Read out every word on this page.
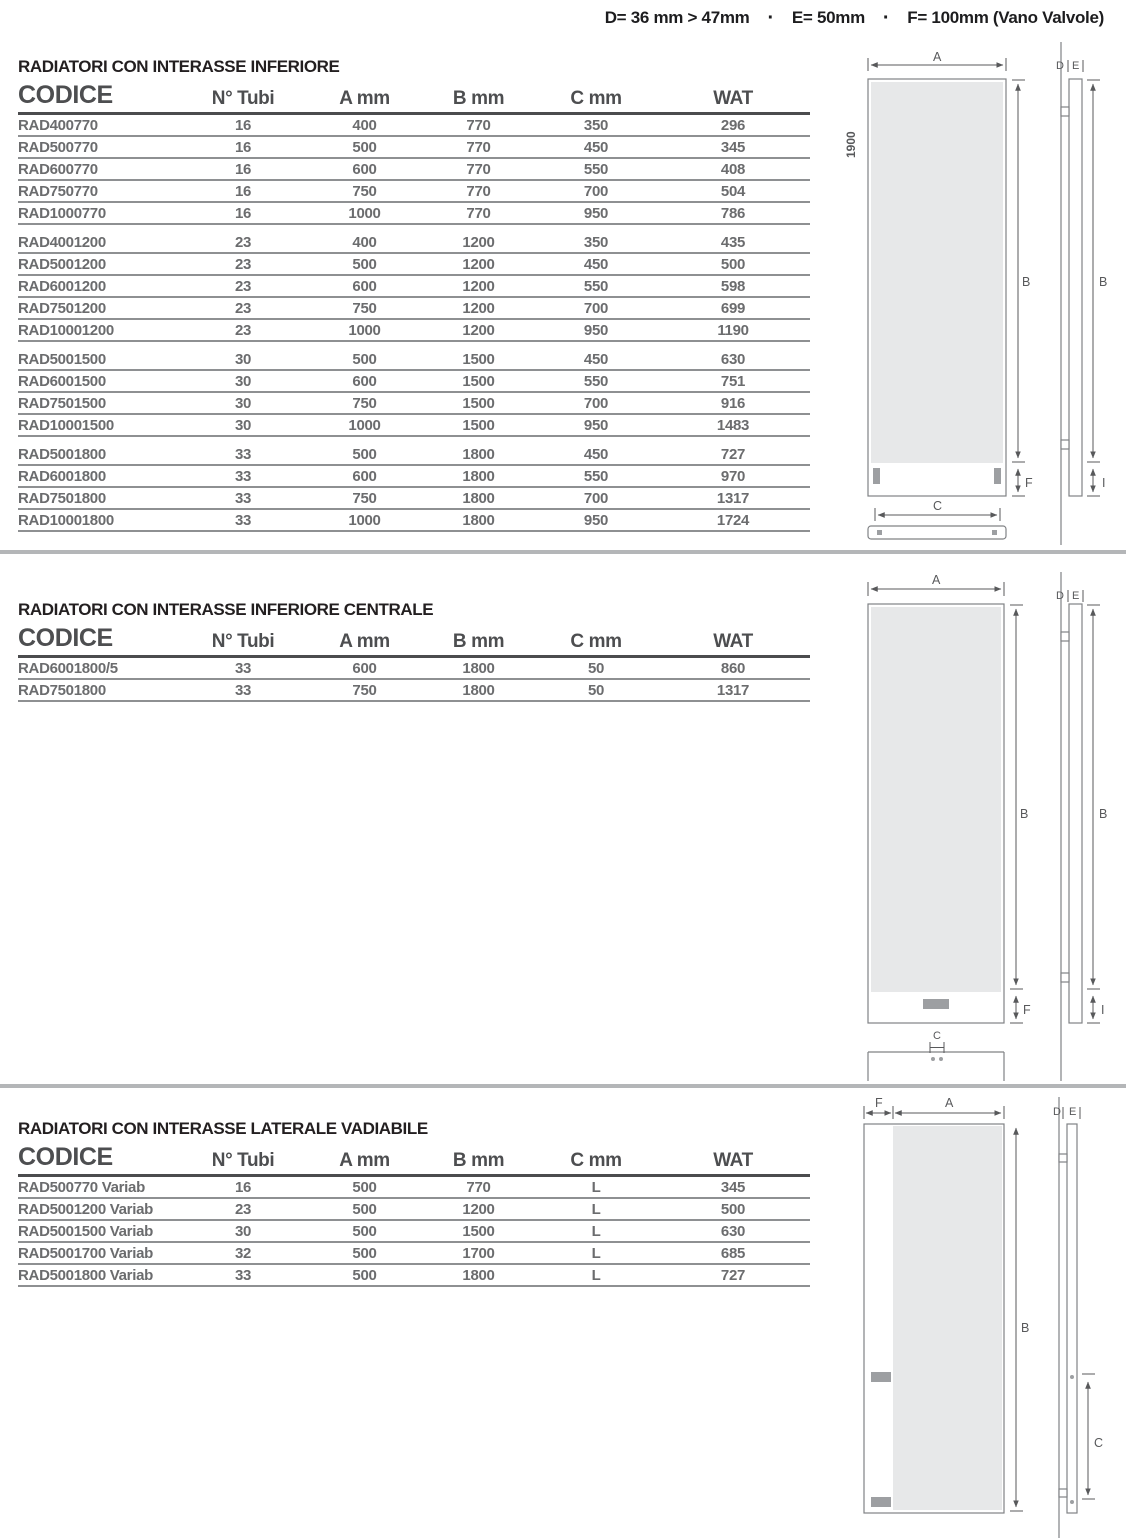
D= 36 mm > 47mm · E= 50mm · F= 100mm (Vano Valvole)
RADIATORI CON INTERASSE INFERIORE
CODICE	N° Tubi	A mm	B mm	C mm	WAT
RAD400770	16	400	770	350	296
RAD500770	16	500	770	450	345
RAD600770	16	600	770	550	408
RAD750770	16	750	770	700	504
RAD1000770	16	1000	770	950	786
RAD4001200	23	400	1200	350	435
RAD5001200	23	500	1200	450	500
RAD6001200	23	600	1200	550	598
RAD7501200	23	750	1200	700	699
RAD10001200	23	1000	1200	950	1190
RAD5001500	30	500	1500	450	630
RAD6001500	30	600	1500	550	751
RAD7501500	30	750	1500	700	916
RAD10001500	30	1000	1500	950	1483
RAD5001800	33	500	1800	450	727
RAD6001800	33	600	1800	550	970
RAD7501800	33	750	1800	700	1317
RAD10001800	33	1000	1800	950	1724
RADIATORI CON INTERASSE INFERIORE CENTRALE
CODICE	N° Tubi	A mm	B mm	C mm	WAT
RAD6001800/5	33	600	1800	50	860
RAD7501800	33	750	1800	50	1317
RADIATORI CON INTERASSE LATERALE VADIABILE
CODICE	N° Tubi	A mm	B mm	C mm	WAT
RAD500770 Variab	16	500	770	L	345
RAD5001200 Variab	23	500	1200	L	500
RAD5001500 Variab	30	500	1500	L	630
RAD5001700 Variab	32	500	1700	L	685
RAD5001800 Variab	33	500	1800	L	727
A
1900
B
F
C
D E
B
I
A
B
F
C
D E
B
I
F	A
B
D E
C
